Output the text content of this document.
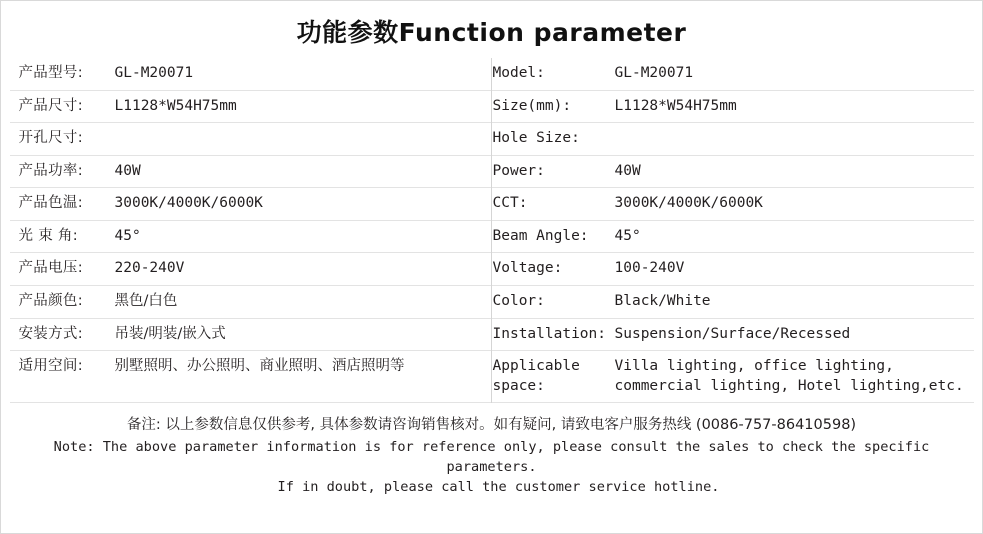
功能参数Function parameter
产品型号:	GL-M20071		Model:	GL-M20071
产品尺寸:	L1128*W54H75mm		Size(mm):	L1128*W54H75mm
开孔尺寸:			Hole Size:	
产品功率:	40W		Power:	40W
产品色温:	3000K/4000K/6000K		CCT:	3000K/4000K/6000K
光 束 角:	45°		Beam Angle:	45°
产品电压:	220-240V		Voltage:	100-240V
产品颜色:	黑色/白色		Color:	Black/White
安装方式:	吊装/明装/嵌入式		Installation:	Suspension/Surface/Recessed
适用空间:	别墅照明、办公照明、商业照明、酒店照明等		Applicable space:	Villa lighting, office lighting, commercial lighting, Hotel lighting,etc.
备注: 以上参数信息仅供参考, 具体参数请咨询销售核对。如有疑问, 请致电客户服务热线 (0086-757-86410598)
Note: The above parameter information is for reference only, please consult the sales to check the specific parameters.
If in doubt, please call the customer service hotline.
